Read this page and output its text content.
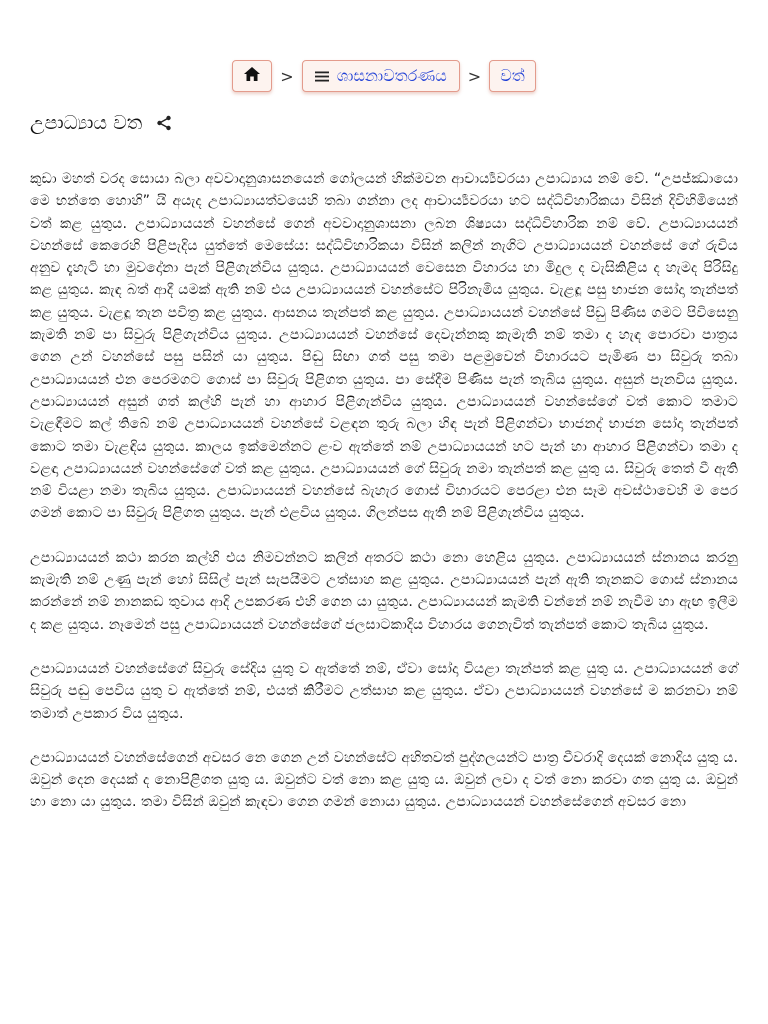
>	ශාසනාවතරණය > වත්
උපාධ්‍යාය වත

කුඩා මහත් වරද සොයා බලා අවවාදානුශාසනයෙන් ගෝලයන් හික්මවන ආචාර්‍ය්‍යවරයා උපාධ්‍යාය නම් වේ. “උපජ්ඣායො මෙ භන්තෙ හොහි” යි අයැද උපාධ්‍යායත්වයෙහි තබා ගන්නා ලද ආචාර්‍ය්‍යවරයා හට සද්ධිවිහාරිකයා විසින් දිවිහිමියෙන් වත් කළ යුතුය. උපාධ්‍යායයන් වහන්සේ ගෙන් අවවාදානුශාසනා ලබන ශිෂ්‍යයා සද්ධිවිහාරික නම් වේ. උපාධ්‍යායයන් වහන්සේ කෙරෙහි පිළිපැදිය යුත්තේ මෙසේය: සද්ධිවිහාරිකයා විසින් කලින් නැගිට උපාධ්‍යායයන් වහන්සේ ගේ රුචිය අනුව දැහැටි හා මුවදෝනා පැන් පිළිගැන්විය යුතුය. උපාධ්‍යායයන් වෙසෙන විහාරය හා මිදුල ද වැසිකිළිය ද හැමද පිරිසිදු කළ යුතුය. කැඳ බත් ආදී යමක් ඇති නම් එය උපාධ්‍යායයන් වහන්සේට පිරිනැමිය යුතුය. වැළඳූ පසු භාජන සෝදා තැන්පත් කළ යුතුය. වැළඳූ තැන පවිත්‍ර කළ යුතුය. ආසනය තැන්පත් කළ යුතුය. උපාධ්‍යායයන් වහන්සේ පිඩු පිණිස ගමට පිවිසෙනු කැමති නම් පා සිවුරු පිළිගැන්විය යුතුය. උපාධ්‍යායයන් වහන්සේ දෙවැන්නකු කැමැති නම් තමා ද හැඳ පොරවා පාත්‍රය ගෙන උන් වහන්සේ පසු පසින් යා යුතුය. පිඬු සිඟා ගත් පසු තමා පළමුවෙන් විහාරයට පැමිණ පා සිවුරු තබා උපාධ්‍යායයන් එන පෙරමගට ගොස් පා සිවුරු පිළිගත යුතුය. පා සේදීම පිණිස පැන් තැබිය යුතුය. අසුන් පැනවිය යුතුය. උපාධ්‍යායයන් අසුන් ගත් කල්හි පැන් හා ආහාර පිළිගැන්විය යුතුය. උපාධ්‍යායයන් වහන්සේගේ වත් කොට තමාට වැළඳීමට කල් තිබේ නම් උපාධ්‍යායයන් වහන්සේ වළඳන තුරු බලා හිඳ පැන් පිළිගන්වා භාජනද් භාජන සෝදා තැන්පත් කොට තමා වැළඳිය යුතුය. කාලය ඉක්මෙන්නට ළංව ඇත්තේ නම් උපාධ්‍යායයන් හට පැන් හා ආහාර පිළිගන්වා තමා ද වළඳා උපාධ්‍යායයන් වහන්සේගේ වත් කළ යුතුය. උපාධ්‍යායයන් ගේ සිවුරු නමා තැන්පත් කළ යුතු ය. සිවුරු තෙත් වී ඇති නම් වියළා නමා තැබිය යුතුය. උපාධ්‍යායයන් වහන්සේ බැහැර ගොස් විහාරයට පෙරළා එන සෑම අවස්ථාවෙහි ම පෙර ගමන් කොට පා සිවුරු පිළිගත යුතුය. පැන් එළවිය යුතුය. ගිලන්පස ඇති නම් පිළිගැන්විය යුතුය.

උපාධ්‍යායයන් කථා කරන කල්හි එය නිමවන්නට කලින් අතරට කථා නො හෙළිය යුතුය. උපාධ්‍යායයන් ස්නානය කරනු කැමැති නම් උණු පැන් හෝ සිසිල් පැන් සැපයීමට උත්සාහ කළ යුතුය. උපාධ්‍යායයන් පැන් ඇති තැනකට ගොස් ස්නානය කරන්නේ නම් නානකඩ තුවාය ආදි උපකරණ එහි ගෙන යා යුතුය. උපාධ්‍යායයන් කැමති වන්නේ නම් නැවීම හා ඇඟ ඉලීම ද කළ යුතුය. නෑමෙන් පසු උපාධ්‍යායයන් වහන්සේගේ ජලසාටකාදිය විහාරය ගෙනැවිත් තැන්පත් කොට තැබිය යුතුය.

උපාධ්‍යායයන් වහන්සේගේ සිවුරු සේදිය යුතු ව ඇත්තේ නම්, ඒවා සෝදා වියළා තැන්පත් කළ යුතු ය. උපාධ්‍යායයන් ගේ සිවුරු පඬු පෙවිය යුතු ව ඇත්තේ නම්, එයත් කිරීමට උත්සාහ කළ යුතුය. ඒවා උපාධ්‍යායයන් වහන්සේ ම කරනවා නම් තමාත් උපකාර විය යුතුය.

උපාධ්‍යායයන් වහන්සේගෙන් අවසර නෙ ගෙන උන් වහන්සේට අහිතවත් පුද්ගලයන්ට පාත්‍ර චීවරාදි දෙයක් නොදිය යුතු ය. ඔවුන් දෙන දෙයක් ද නොපිළිගත යුතු ය. ඔවුන්ට වත් නො කළ යුතු ය. ඔවුන් ලවා ද වත් නො කරවා ගත යුතු ය. ඔවුන් හා නො යා යුතුය. තමා විසින් ඔවුන් කැඳවා ගෙන ගමන් නොයා යුතුය. උපාධ්‍යායයන් වහන්සේගෙන් අවසර නො
